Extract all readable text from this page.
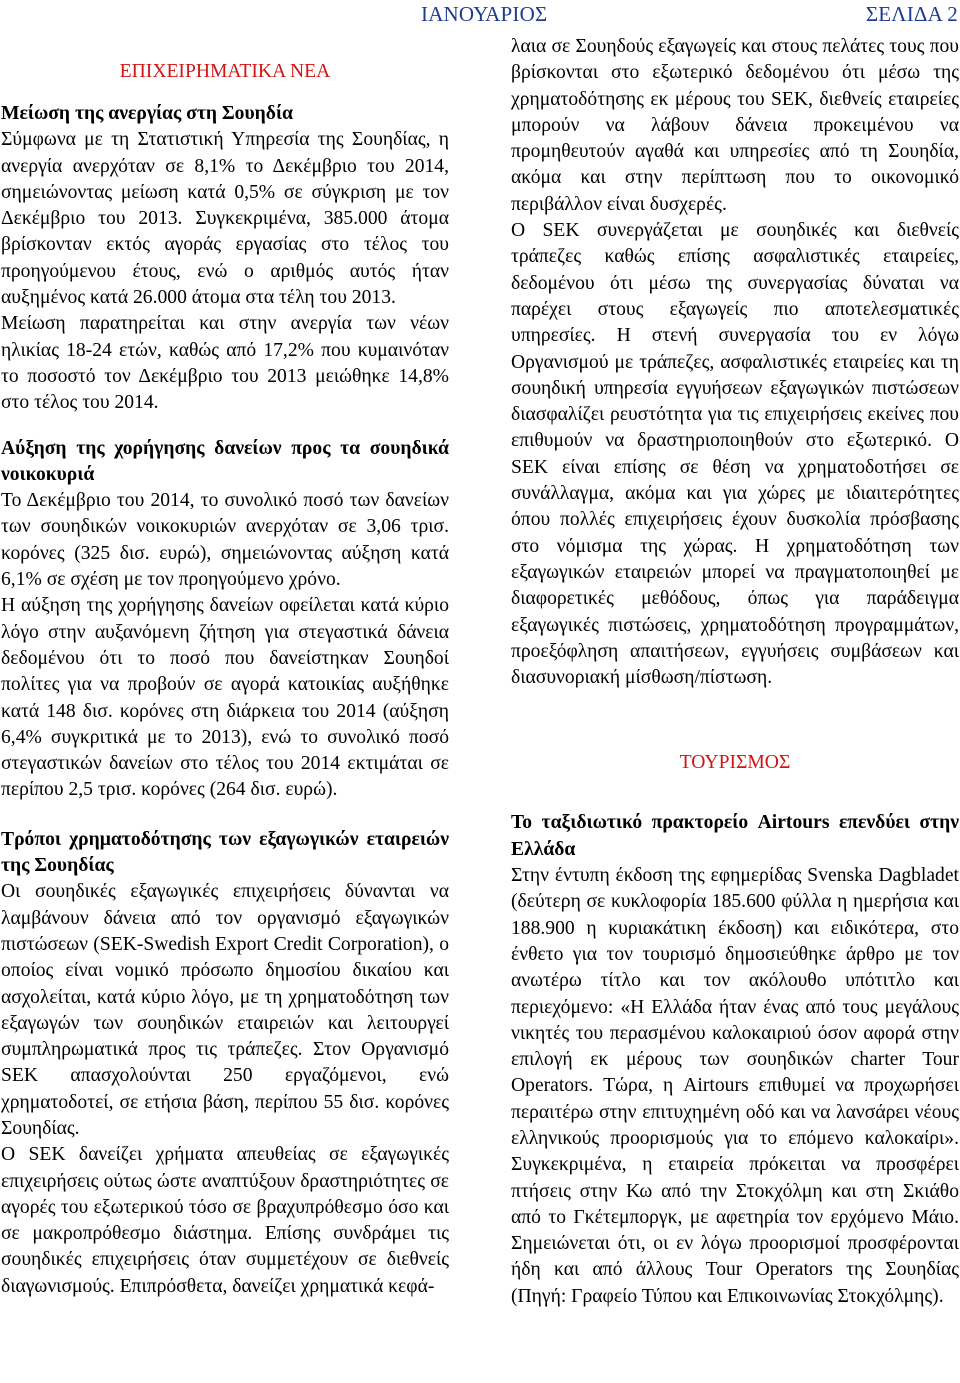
ΙΑΝΟΥΑΡΙΟΣ	ΣΕΛΙΔΑ 2
ΕΠΙΧΕΙΡΗΜΑΤΙΚΑ ΝΕΑ
Μείωση της ανεργίας στη Σουηδία

Σύμφωνα με τη Στατιστική Υπηρεσία της Σουηδίας, η ανεργία ανερχόταν σε 8,1% το Δεκέμβριο του 2014, σημειώνοντας μείωση κατά 0,5% σε σύγκριση με τον Δεκέμβριο του 2013. Συγκεκριμένα, 385.000 άτομα βρίσκονταν εκτός αγοράς εργασίας στο τέλος του προηγούμενου έτους, ενώ ο αριθμός αυτός ήταν αυξημένος κατά 26.000 άτομα στα τέλη του 2013.

Μείωση παρατηρείται και στην ανεργία των νέων ηλικίας 18-24 ετών, καθώς από 17,2% που κυμαινόταν το ποσοστό τον Δεκέμβριο του 2013 μειώθηκε 14,8% στο τέλος του 2014.

Αύξηση της χορήγησης δανείων προς τα σουηδικά νοικοκυριά

Το Δεκέμβριο του 2014, το συνολικό ποσό των δανείων των σουηδικών νοικοκυριών ανερχόταν σε 3,06 τρισ. κορόνες (325 δισ. ευρώ), σημειώνοντας αύξηση κατά 6,1% σε σχέση με τον προηγούμενο χρόνο.

Η αύξηση της χορήγησης δανείων οφείλεται κατά κύριο λόγο στην αυξανόμενη ζήτηση για στεγαστικά δάνεια δεδομένου ότι το ποσό που δανείστηκαν Σουηδοί πολίτες για να προβούν σε αγορά κατοικίας αυξήθηκε κατά 148 δισ. κορόνες στη διάρκεια του 2014 (αύξηση 6,4% συγκριτικά με το 2013), ενώ το συνολικό ποσό στεγαστικών δανείων στο τέλος του 2014 εκτιμάται σε περίπου 2,5 τρισ. κορόνες (264 δισ. ευρώ).

Τρόποι χρηματοδότησης των εξαγωγικών εταιρειών της Σουηδίας

Οι σουηδικές εξαγωγικές επιχειρήσεις δύνανται να λαμβάνουν δάνεια από τον οργανισμό εξαγωγικών πιστώσεων (SEK-Swedish Export Credit Corporation), ο οποίος είναι νομικό πρόσωπο δημοσίου δικαίου και ασχολείται, κατά κύριο λόγο, με τη χρηματοδότηση των εξαγωγών των σουηδικών εταιρειών και λειτουργεί συμπληρωματικά προς τις τράπεζες. Στον Οργανισμό SEK απασχολούνται 250 εργαζόμενοι, ενώ χρηματοδοτεί, σε ετήσια βάση, περίπου 55 δισ. κορόνες Σουηδίας.

Ο SEK δανείζει χρήματα απευθείας σε εξαγωγικές επιχειρήσεις ούτως ώστε αναπτύξουν δραστηριότητες σε αγορές του εξωτερικού τόσο σε βραχυπρόθεσμο όσο και σε μακροπρόθεσμο διάστημα. Επίσης συνδράμει τις σουηδικές επιχειρήσεις όταν συμμετέχουν σε διεθνείς διαγωνισμούς. Επιπρόσθετα, δανείζει χρηματικά κεφά-

λαια σε Σουηδούς εξαγωγείς και στους πελάτες τους που βρίσκονται στο εξωτερικό δεδομένου ότι μέσω της χρηματοδότησης εκ μέρους του SEK, διεθνείς εταιρείες μπορούν να λάβουν δάνεια προκειμένου να προμηθευτούν αγαθά και υπηρεσίες από τη Σουηδία, ακόμα και στην περίπτωση που το οικονομικό περιβάλλον είναι δυσχερές.

Ο SEK συνεργάζεται με σουηδικές και διεθνείς τράπεζες καθώς επίσης ασφαλιστικές εταιρείες, δεδομένου ότι μέσω της συνεργασίας δύναται να παρέχει στους εξαγωγείς πιο αποτελεσματικές υπηρεσίες. Η στενή συνεργασία του εν λόγω Οργανισμού με τράπεζες, ασφαλιστικές εταιρείες και τη σουηδική υπηρεσία εγγυήσεων εξαγωγικών πιστώσεων διασφαλίζει ρευστότητα για τις επιχειρήσεις εκείνες που επιθυμούν να δραστηριοποιηθούν στο εξωτερικό. Ο SEK είναι επίσης σε θέση να χρηματοδοτήσει σε συνάλλαγμα, ακόμα και για χώρες με ιδιαιτερότητες όπου πολλές επιχειρήσεις έχουν δυσκολία πρόσβασης στο νόμισμα της χώρας. Η χρηματοδότηση των εξαγωγικών εταιρειών μπορεί να πραγματοποιηθεί με διαφορετικές μεθόδους, όπως για παράδειγμα εξαγωγικές πιστώσεις, χρηματοδότηση προγραμμάτων, προεξόφληση απαιτήσεων, εγγυήσεις συμβάσεων και διασυνοριακή μίσθωση/πίστωση.

ΤΟΥΡΙΣΜΟΣ
Το ταξιδιωτικό πρακτορείο Airtours επενδύει στην Ελλάδα

Στην έντυπη έκδοση της εφημερίδας Svenska Dagbladet (δεύτερη σε κυκλοφορία 185.600 φύλλα η ημερήσια και 188.900 η κυριακάτικη έκδοση) και ειδικότερα, στο ένθετο για τον τουρισμό δημοσιεύθηκε άρθρο με τον ανωτέρω τίτλο και τον ακόλουθο υπότιτλο και περιεχόμενο: «Η Ελλάδα ήταν ένας από τους μεγάλους νικητές του περασμένου καλοκαιριού όσον αφορά στην επιλογή εκ μέρους των σουηδικών charter Tour Operators. Τώρα, η Airtours επιθυμεί να προχωρήσει περαιτέρω στην επιτυχημένη οδό και να λανσάρει νέους ελληνικούς προορισμούς για το επόμενο καλοκαίρι». Συγκεκριμένα, η εταιρεία πρόκειται να προσφέρει πτήσεις στην Κω από την Στοκχόλμη και στη Σκιάθο από το Γκέτεμποργκ, με αφετηρία τον ερχόμενο Μάιο. Σημειώνεται ότι, οι εν λόγω προορισμοί προσφέρονται ήδη και από άλλους Tour Operators της Σουηδίας (Πηγή: Γραφείο Τύπου και Επικοινωνίας Στοκχόλμης).
